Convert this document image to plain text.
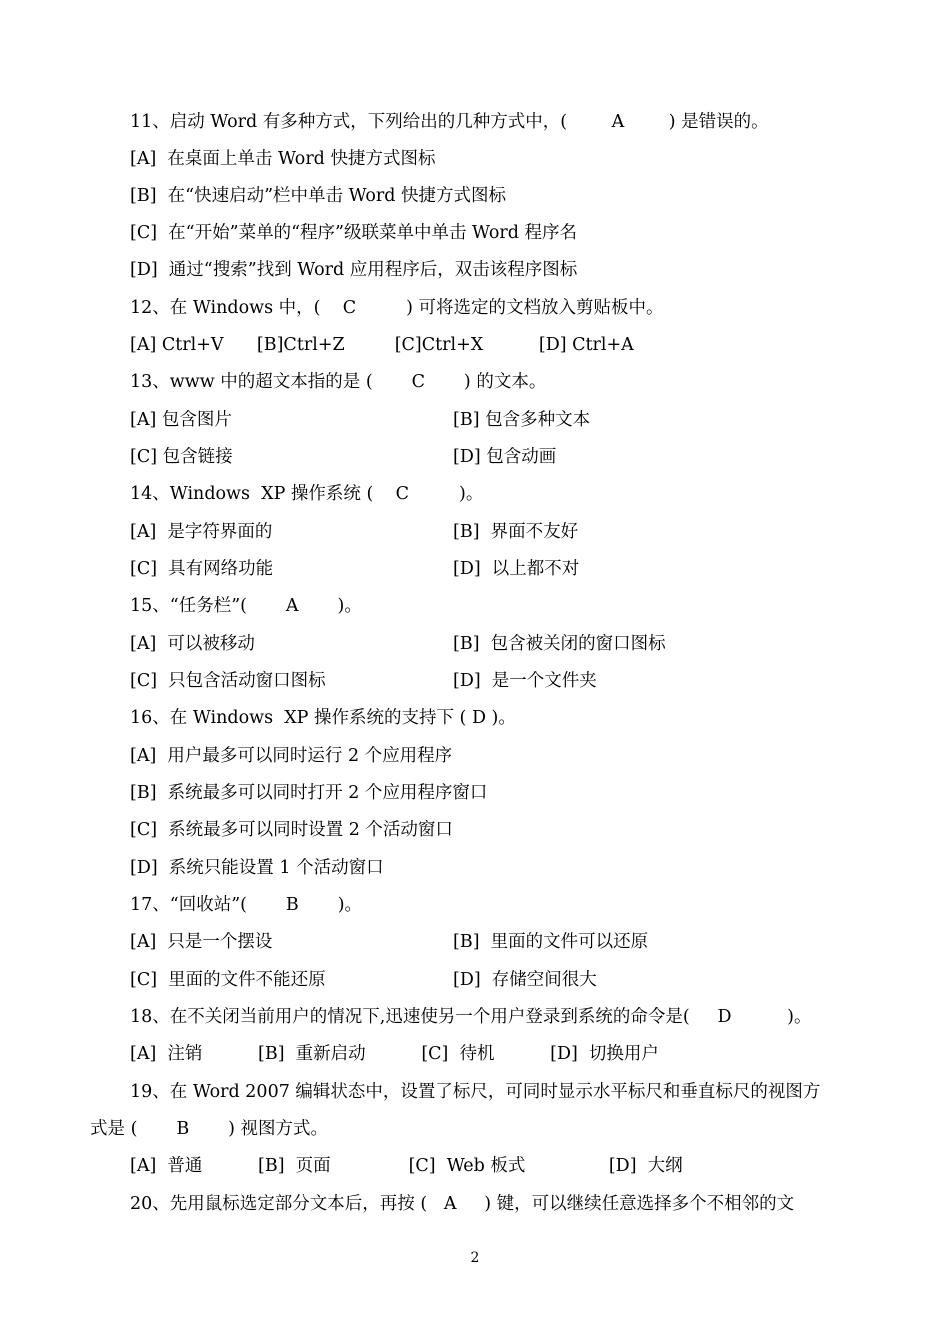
11、启动 Word 有多种方式，下列给出的几种方式中，(        A        ) 是错误的。
[A]  在桌面上单击 Word 快捷方式图标
[B]  在“快速启动”栏中单击 Word 快捷方式图标
[C]  在“开始”菜单的“程序”级联菜单中单击 Word 程序名
[D]  通过“搜索”找到 Word 应用程序后，双击该程序图标
12、在 Windows 中，(    C         ) 可将选定的文档放入剪贴板中。
[A] Ctrl+V      [B]Ctrl+Z         [C]Ctrl+X          [D] Ctrl+A
13、www 中的超文本指的是 (       C       ) 的文本。
[A] 包含图片	[B] 包含多种文本
[C] 包含链接	[D] 包含动画
14、Windows  XP 操作系统 (    C         )。
[A]  是字符界面的	[B]  界面不友好
[C]  具有网络功能	[D]  以上都不对
15、“任务栏”(       A       )。
[A]  可以被移动	[B]  包含被关闭的窗口图标
[C]  只包含活动窗口图标	[D]  是一个文件夹
16、在 Windows  XP 操作系统的支持下 ( D )。
[A]  用户最多可以同时运行 2 个应用程序
[B]  系统最多可以同时打开 2 个应用程序窗口
[C]  系统最多可以同时设置 2 个活动窗口
[D]  系统只能设置 1 个活动窗口
17、“回收站”(       B       )。
[A]  只是一个摆设	[B]  里面的文件可以还原
[C]  里面的文件不能还原	[D]  存储空间很大
18、在不关闭当前用户的情况下,迅速使另一个用户登录到系统的命令是(     D          )。
[A]  注销          [B]  重新启动          [C]  待机          [D]  切换用户
19、在 Word 2007 编辑状态中，设置了标尺，可同时显示水平标尺和垂直标尺的视图方
式是 (       B       ) 视图方式。
[A]  普通          [B]  页面              [C]  Web 板式               [D]  大纲
20、先用鼠标选定部分文本后，再按 (   A     ) 键，可以继续任意选择多个不相邻的文
2
